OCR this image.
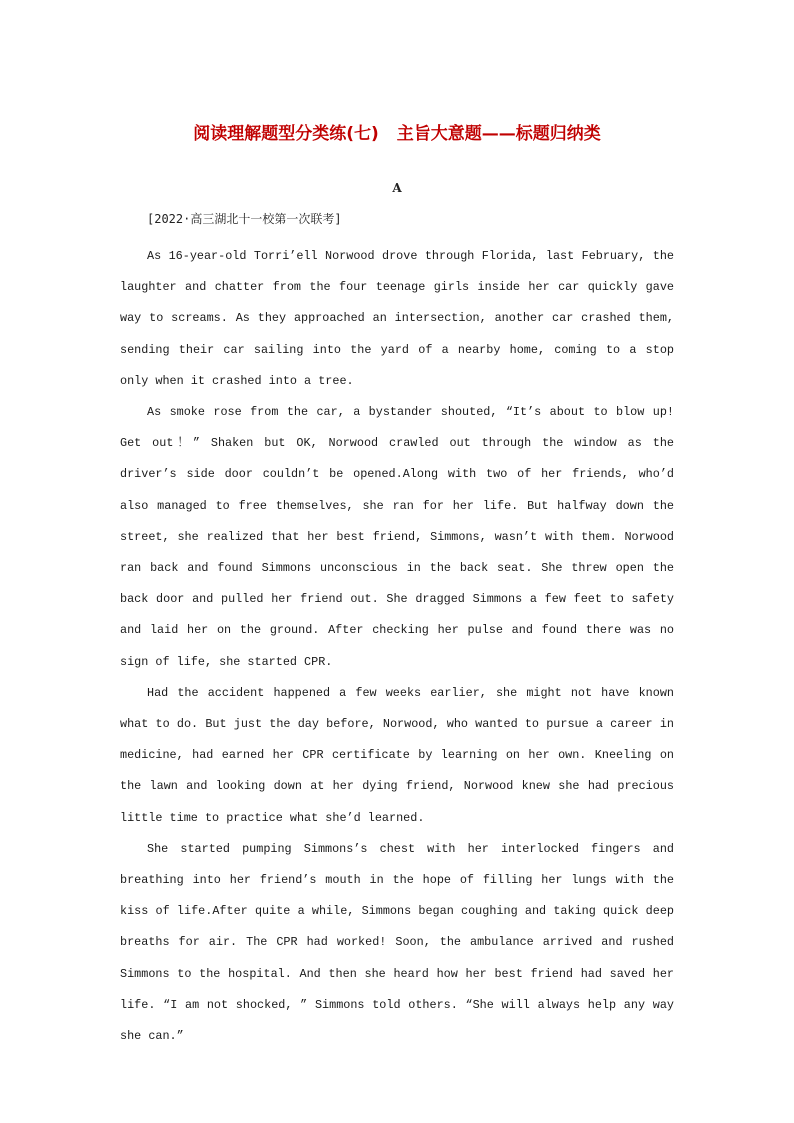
阅读理解题型分类练(七) 主旨大意题——标题归纳类
A
[2022·高三湖北十一校第一次联考]

As 16-year-old Torri’ell Norwood drove through Florida, last February, the laughter and chatter from the four teenage girls inside her car quickly gave way to screams. As they approached an intersection, another car crashed them, sending their car sailing into the yard of a nearby home, coming to a stop only when it crashed into a tree.

As smoke rose from the car, a bystander shouted, “It’s about to blow up! Get out！” Shaken but OK, Norwood crawled out through the window as the driver’s side door couldn’t be opened.Along with two of her friends, who’d also managed to free themselves, she ran for her life. But halfway down the street, she realized that her best friend, Simmons, wasn’t with them. Norwood ran back and found Simmons unconscious in the back seat. She threw open the back door and pulled her friend out. She dragged Simmons a few feet to safety and laid her on the ground. After checking her pulse and found there was no sign of life, she started CPR.

Had the accident happened a few weeks earlier, she might not have known what to do. But just the day before, Norwood, who wanted to pursue a career in medicine, had earned her CPR certificate by learning on her own. Kneeling on the lawn and looking down at her dying friend, Norwood knew she had precious little time to practice what she’d learned.

She started pumping Simmons’s chest with her interlocked fingers and breathing into her friend’s mouth in the hope of filling her lungs with the kiss of life.After quite a while, Simmons began coughing and taking quick deep breaths for air. The CPR had worked! Soon, the ambulance arrived and rushed Simmons to the hospital. And then she heard how her best friend had saved her life. “I am not shocked, ” Simmons told others. “She will always help any way she can.”
